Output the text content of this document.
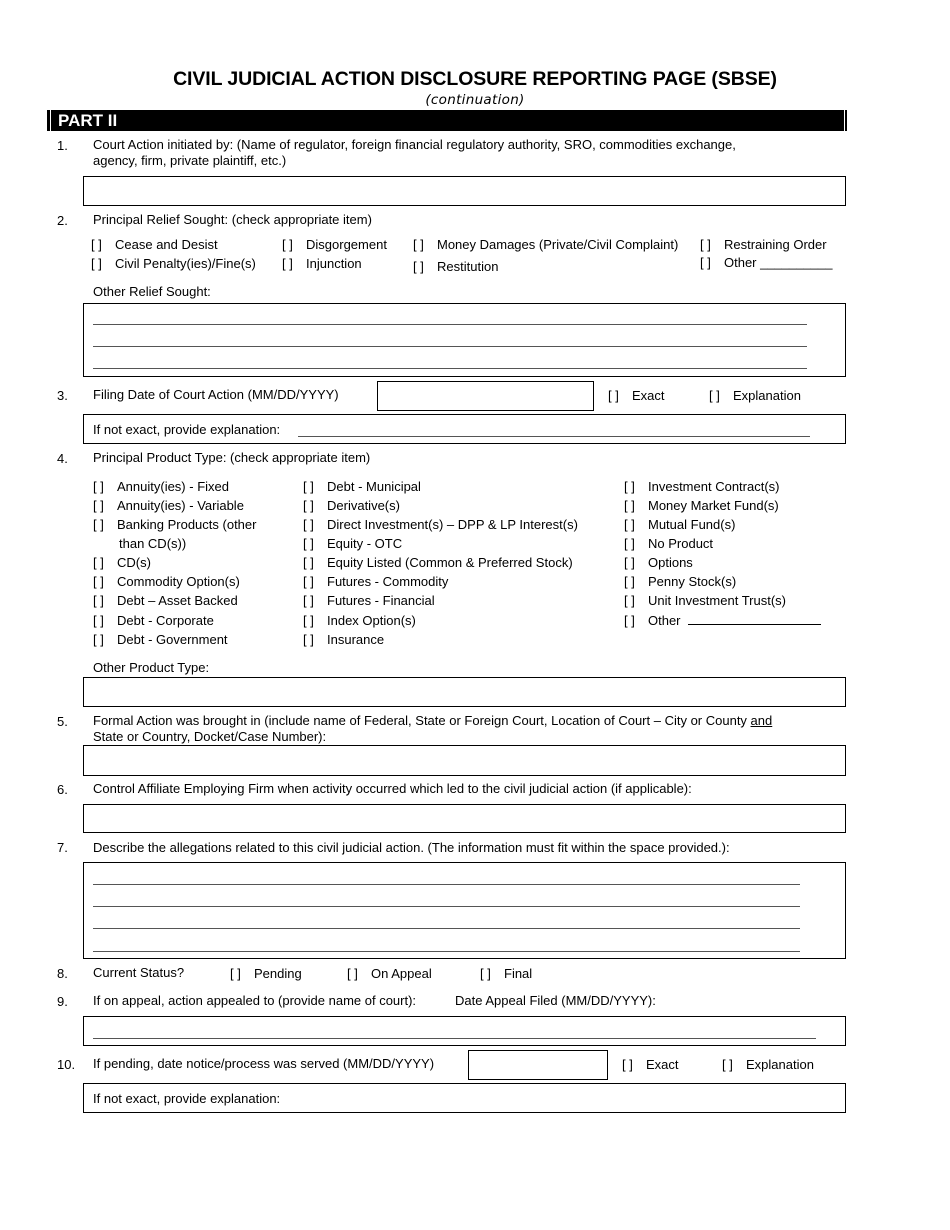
CIVIL JUDICIAL ACTION DISCLOSURE REPORTING PAGE (SBSE)
(continuation)
PART II
1. Court Action initiated by: (Name of regulator, foreign financial regulatory authority, SRO, commodities exchange,
agency, firm, private plaintiff, etc.)
2. Principal Relief Sought: (check appropriate item)
[ ] Cease and Desist
[ ] Civil Penalty(ies)/Fine(s)
[ ] Disgorgement
[ ] Injunction
[ ] Money Damages (Private/Civil Complaint)
[ ] Restitution
[ ] Restraining Order
[ ] Other __________
Other Relief Sought:
3. Filing Date of Court Action (MM/DD/YYYY)	[ ] Exact	[ ] Explanation
If not exact, provide explanation:
4. Principal Product Type: (check appropriate item)
[ ] Annuity(ies) - Fixed
[ ] Annuity(ies) - Variable
[ ] Banking Products (other
than CD(s))
[ ] CD(s)
[ ] Commodity Option(s)
[ ] Debt – Asset Backed
[ ] Debt - Corporate
[ ] Debt - Government
[ ] Debt - Municipal
[ ] Derivative(s)
[ ] Direct Investment(s) – DPP & LP Interest(s)
[ ] Equity - OTC
[ ] Equity Listed (Common & Preferred Stock)
[ ] Futures - Commodity
[ ] Futures - Financial
[ ] Index Option(s)
[ ] Insurance
[ ] Investment Contract(s)
[ ] Money Market Fund(s)
[ ] Mutual Fund(s)
[ ] No Product
[ ] Options
[ ] Penny Stock(s)
[ ] Unit Investment Trust(s)
[ ] Other
Other Product Type:
5. Formal Action was brought in (include name of Federal, State or Foreign Court, Location of Court – City or County and
State or Country, Docket/Case Number):
6. Control Affiliate Employing Firm when activity occurred which led to the civil judicial action (if applicable):
7. Describe the allegations related to this civil judicial action. (The information must fit within the space provided.):
8. Current Status?	[ ] Pending	[ ] On Appeal	[ ] Final
9. If on appeal, action appealed to (provide name of court):	Date Appeal Filed (MM/DD/YYYY):
10. If pending, date notice/process was served (MM/DD/YYYY)	[ ] Exact	[ ] Explanation
If not exact, provide explanation:
